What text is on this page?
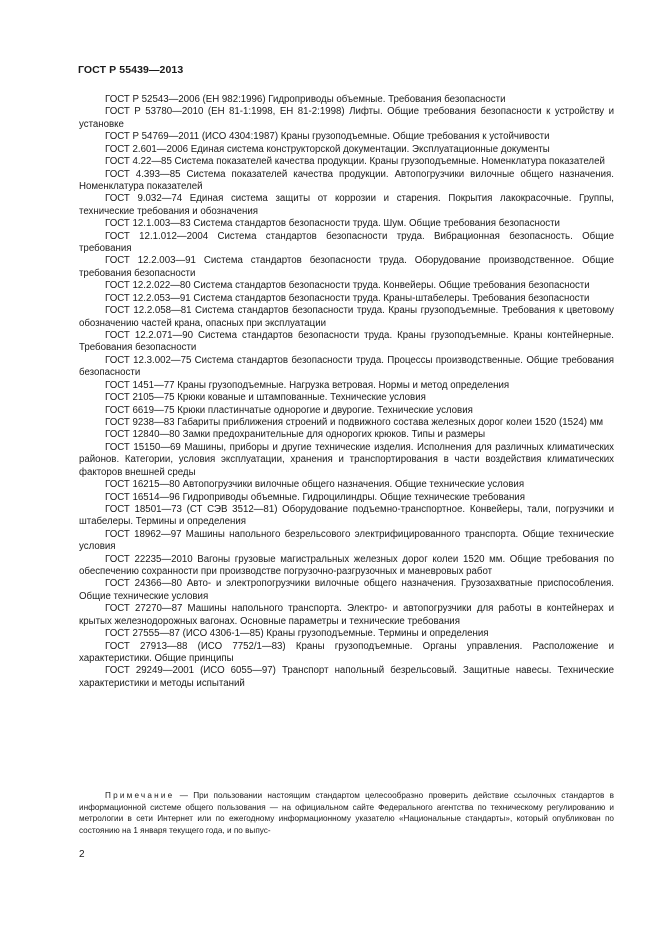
ГОСТ Р 55439—2013

ГОСТ Р 52543—2006 (ЕН 982:1996) Гидроприводы объемные. Требования безопасности

ГОСТ Р 53780—2010 (ЕН 81-1:1998, ЕН 81-2:1998) Лифты. Общие требования безопасности к устройству и установке

ГОСТ Р 54769—2011 (ИСО 4304:1987) Краны грузоподъемные. Общие требования к устойчивости

ГОСТ 2.601—2006 Единая система конструкторской документации. Эксплуатационные документы

ГОСТ 4.22—85 Система показателей качества продукции. Краны грузоподъемные. Номенклатура показателей

ГОСТ 4.393—85 Система показателей качества продукции. Автопогрузчики вилочные общего назначения. Номенклатура показателей

ГОСТ 9.032—74 Единая система защиты от коррозии и старения. Покрытия лакокрасочные. Группы, технические требования и обозначения

ГОСТ 12.1.003—83 Система стандартов безопасности труда. Шум. Общие требования безопасности

ГОСТ 12.1.012—2004 Система стандартов безопасности труда. Вибрационная безопасность. Общие требования

ГОСТ 12.2.003—91 Система стандартов безопасности труда. Оборудование производственное. Общие требования безопасности

ГОСТ 12.2.022—80 Система стандартов безопасности труда. Конвейеры. Общие требования безопасности

ГОСТ 12.2.053—91 Система стандартов безопасности труда. Краны-штабелеры. Требования безопасности

ГОСТ 12.2.058—81 Система стандартов безопасности труда. Краны грузоподъемные. Требования к цветовому обозначению частей крана, опасных при эксплуатации

ГОСТ 12.2.071—90 Система стандартов безопасности труда. Краны грузоподъемные. Краны контейнерные. Требования безопасности

ГОСТ 12.3.002—75 Система стандартов безопасности труда. Процессы производственные. Общие требования безопасности

ГОСТ 1451—77 Краны грузоподъемные. Нагрузка ветровая. Нормы и метод определения

ГОСТ 2105—75 Крюки кованые и штампованные. Технические условия

ГОСТ 6619—75 Крюки пластинчатые однорогие и двурогие. Технические условия

ГОСТ 9238—83 Габариты приближения строений и подвижного состава железных дорог колеи 1520 (1524) мм

ГОСТ 12840—80 Замки предохранительные для однорогих крюков. Типы и размеры

ГОСТ 15150—69 Машины, приборы и другие технические изделия. Исполнения для различных климатических районов. Категории, условия эксплуатации, хранения и транспортирования в части воздействия климатических факторов внешней среды

ГОСТ 16215—80 Автопогрузчики вилочные общего назначения. Общие технические условия

ГОСТ 16514—96 Гидроприводы объемные. Гидроцилиндры. Общие технические требования

ГОСТ 18501—73 (СТ СЭВ 3512—81) Оборудование подъемно-транспортное. Конвейеры, тали, погрузчики и штабелеры. Термины и определения

ГОСТ 18962—97 Машины напольного безрельсового электрифицированного транспорта. Общие технические условия

ГОСТ 22235—2010 Вагоны грузовые магистральных железных дорог колеи 1520 мм. Общие требования по обеспечению сохранности при производстве погрузочно-разгрузочных и маневровых работ

ГОСТ 24366—80 Авто- и электропогрузчики вилочные общего назначения. Грузозахватные приспособления. Общие технические условия

ГОСТ 27270—87 Машины напольного транспорта. Электро- и автопогрузчики для работы в контейнерах и крытых железнодорожных вагонах. Основные параметры и технические требования

ГОСТ 27555—87 (ИСО 4306-1—85) Краны грузоподъемные. Термины и определения

ГОСТ 27913—88 (ИСО 7752/1—83) Краны грузоподъемные. Органы управления. Расположение и характеристики. Общие принципы

ГОСТ 29249—2001 (ИСО 6055—97) Транспорт напольный безрельсовый. Защитные навесы. Технические характеристики и методы испытаний

Примечание — При пользовании настоящим стандартом целесообразно проверить действие ссылочных стандартов в информационной системе общего пользования — на официальном сайте Федерального агентства по техническому регулированию и метрологии в сети Интернет или по ежегодному информационному указателю «Национальные стандарты», который опубликован по состоянию на 1 января текущего года, и по выпус-
2
